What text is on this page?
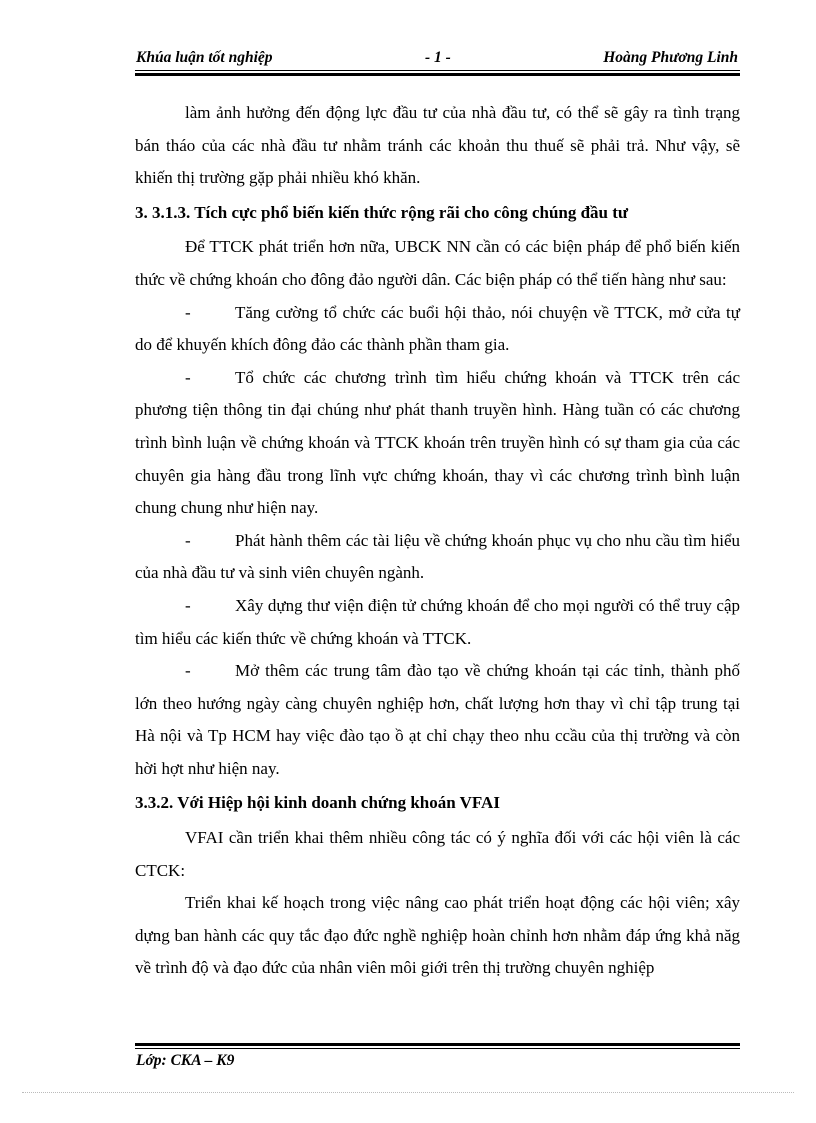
Khúa luận tốt nghiệp	- 1 -	Hoàng Phương Linh

làm ảnh hưởng đến động lực đầu tư của nhà đầu tư, có thể sẽ gây ra tình trạng bán tháo của các nhà đầu tư nhằm tránh các khoản thu thuế sẽ phải trả. Như vậy, sẽ khiến thị trường gặp phải nhiều khó khăn.

3. 3.1.3. Tích cực phổ biến kiến thức rộng rãi cho công chúng đầu tư

Để TTCK phát triển hơn nữa, UBCK NN cần có các biện pháp để phổ biến kiến thức về chứng khoán cho đông đảo người dân. Các biện pháp có thể tiến hàng như sau:

-	Tăng cường tổ chức các buổi hội thảo, nói chuyện về TTCK, mở cửa tự do để khuyến khích đông đảo các thành phần tham gia.

-	Tổ chức các chương trình tìm hiểu chứng khoán và TTCK trên các phương tiện thông tin đại chúng như phát thanh truyền hình. Hàng tuần có các chương trình bình luận về chứng khoán và TTCK khoán trên truyền hình có sự tham gia của các chuyên gia hàng đầu trong lĩnh vực chứng khoán, thay vì các chương trình bình luận chung chung như hiện nay.

-	Phát hành thêm các tài liệu về chứng khoán phục vụ cho nhu cầu tìm hiểu của nhà đầu tư và sinh viên chuyên ngành.

-	Xây dựng thư viện điện tử chứng khoán để cho mọi người có thể truy cập tìm hiểu các kiến thức về chứng khoán và TTCK.

-	Mở thêm các trung tâm đào tạo về chứng khoán tại các tỉnh, thành phố lớn theo hướng ngày càng chuyên nghiệp hơn, chất lượng hơn thay vì chỉ tập trung tại Hà nội và Tp HCM hay việc đào tạo ồ ạt chỉ chạy theo nhu ccầu của thị trường và còn hời hợt như hiện nay.

3.3.2. Với Hiệp hội kinh doanh chứng khoán VFAI

VFAI cần triển khai thêm nhiều công tác có ý nghĩa đối với các hội viên là các CTCK:

Triển khai kế hoạch trong việc nâng cao phát triển hoạt động các hội viên; xây dựng ban hành các quy tắc đạo đức nghề nghiệp hoàn chỉnh hơn nhằm đáp ứng khả năg về trình độ và đạo đức của nhân viên môi giới trên thị trường chuyên nghiệp

Lớp: CKA – K9
